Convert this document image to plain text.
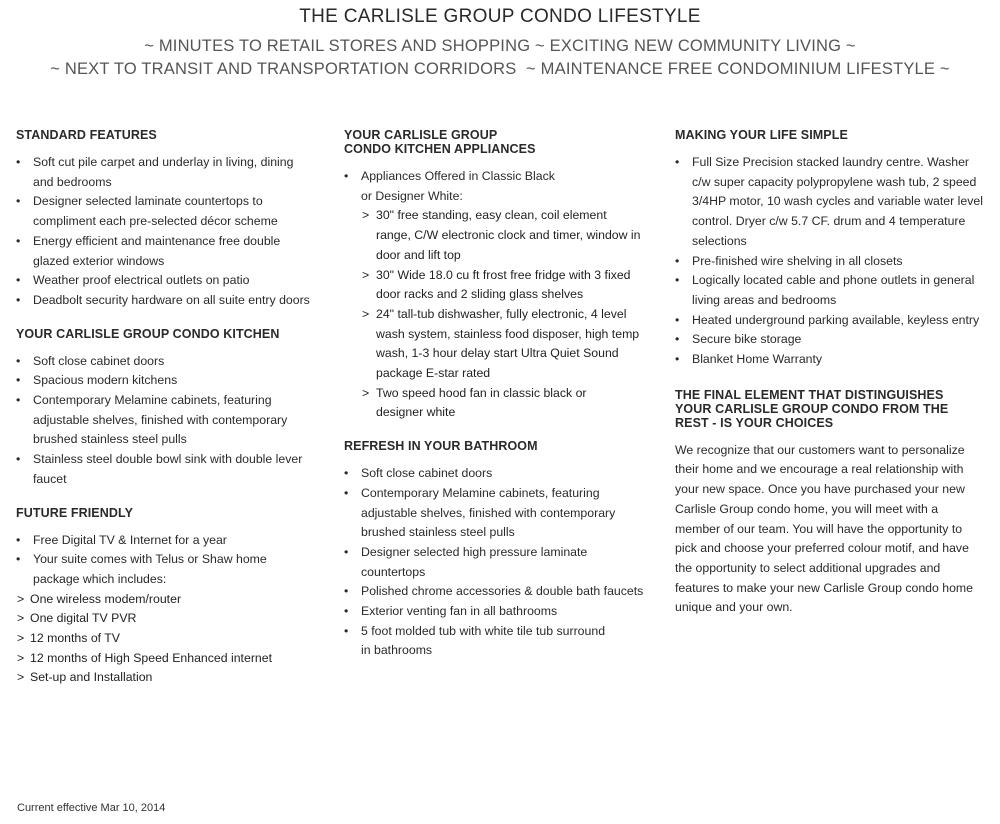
THE CARLISLE GROUP CONDO LIFESTYLE

~ MINUTES TO RETAIL STORES AND SHOPPING ~ EXCITING NEW COMMUNITY LIVING ~

~ NEXT TO TRANSIT AND TRANSPORTATION CORRIDORS  ~ MAINTENANCE FREE CONDOMINIUM LIFESTYLE ~

STANDARD FEATURES
• Soft cut pile carpet and underlay in living, dining and bedrooms
• Designer selected laminate countertops to compliment each pre-selected décor scheme
• Energy efficient and maintenance free double glazed exterior windows
• Weather proof electrical outlets on patio
• Deadbolt security hardware on all suite entry doors
YOUR CARLISLE GROUP CONDO KITCHEN
• Soft close cabinet doors
• Spacious modern kitchens
• Contemporary Melamine cabinets, featuring adjustable shelves, finished with contemporary brushed stainless steel pulls
• Stainless steel double bowl sink with double lever faucet
FUTURE FRIENDLY
• Free Digital TV & Internet for a year
• Your suite comes with Telus or Shaw home package which includes:
> One wireless modem/router
> One digital TV PVR
> 12 months of TV
> 12 months of High Speed Enhanced internet
> Set-up and Installation
YOUR CARLISLE GROUP CONDO KITCHEN APPLIANCES
• Appliances Offered in Classic Black or Designer White:
> 30" free standing, easy clean, coil element range, C/W electronic clock and timer, window in door and lift top
> 30" Wide 18.0 cu ft frost free fridge with 3 fixed door racks and 2 sliding glass shelves
> 24" tall-tub dishwasher, fully electronic, 4 level wash system, stainless food disposer, high temp wash, 1-3 hour delay start Ultra Quiet Sound package E-star rated
> Two speed hood fan in classic black or designer white
REFRESH IN YOUR BATHROOM
• Soft close cabinet doors
• Contemporary Melamine cabinets, featuring adjustable shelves, finished with contemporary brushed stainless steel pulls
• Designer selected high pressure laminate countertops
• Polished chrome accessories & double bath faucets
• Exterior venting fan in all bathrooms
• 5 foot molded tub with white tile tub surround in bathrooms
MAKING YOUR LIFE SIMPLE
• Full Size Precision stacked laundry centre. Washer c/w super capacity polypropylene wash tub, 2 speed 3/4HP motor, 10 wash cycles and variable water level control. Dryer c/w 5.7 CF. drum and 4 temperature selections
• Pre-finished wire shelving in all closets
• Logically located cable and phone outlets in general living areas and bedrooms
• Heated underground parking available, keyless entry
• Secure bike storage
• Blanket Home Warranty
THE FINAL ELEMENT THAT DISTINGUISHES YOUR CARLISLE GROUP CONDO FROM THE REST - IS YOUR CHOICES

We recognize that our customers want to personalize their home and we encourage a real relationship with your new space. Once you have purchased your new Carlisle Group condo home, you will meet with a member of our team. You will have the opportunity to pick and choose your preferred colour motif, and have the opportunity to select additional upgrades and features to make your new Carlisle Group condo home unique and your own.

Current effective Mar 10, 2014
